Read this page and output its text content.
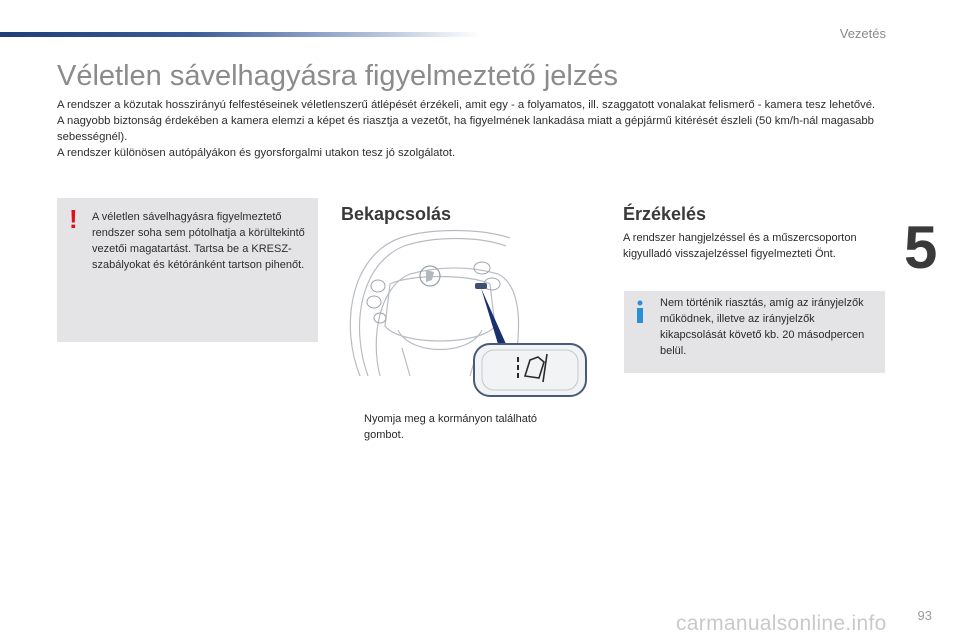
Vezetés
5
Véletlen sávelhagyásra figyelmeztető jelzés

A rendszer a közutak hosszirányú felfestéseinek véletlenszerű átlépését érzékeli, amit egy - a folyamatos, ill. szaggatott vonalakat felismerő - kamera tesz lehetővé.

A nagyobb biztonság érdekében a kamera elemzi a képet és riasztja a vezetőt, ha figyelmének lankadása miatt a gépjármű kitérését észleli (50 km/h-nál magasabb sebességnél).

A rendszer különösen autópályákon és gyorsforgalmi utakon tesz jó szolgálatot.

! A véletlen sávelhagyásra figyelmeztető rendszer soha sem pótolhatja a körültekintő vezetői magatartást. Tartsa be a KRESZ-szabályokat és kétóránként tartson pihenőt.
Bekapcsolás
Nyomja meg a kormányon található gombot.
Érzékelés
A rendszer hangjelzéssel és a műszercsoporton kigyulladó visszajelzéssel figyelmezteti Önt.
Nem történik riasztás, amíg az irányjelzők működnek, illetve az irányjelzők kikapcsolását követő kb. 20 másodpercen belül.
93
carmanualsonline.info
